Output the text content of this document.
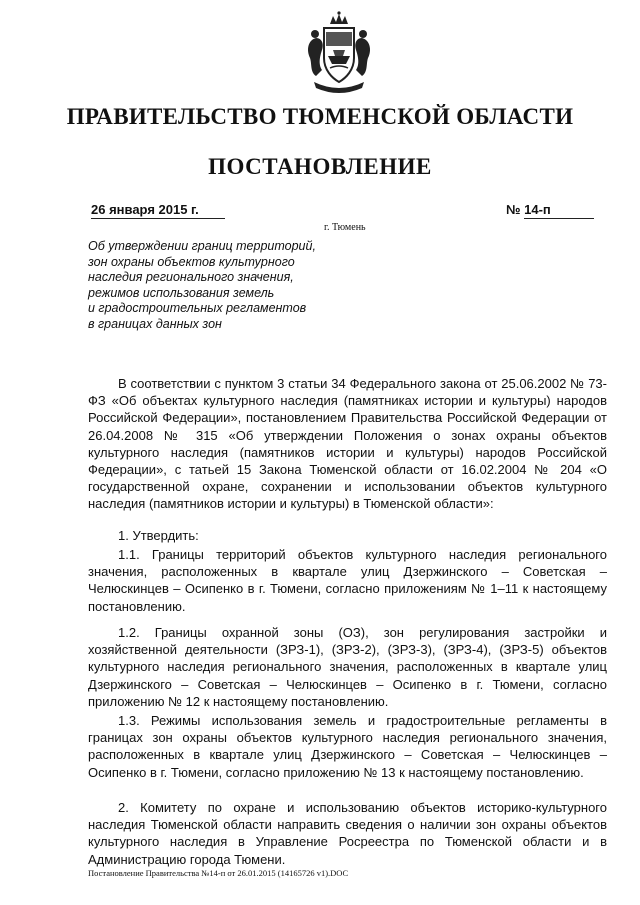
ПРАВИТЕЛЬСТВО ТЮМЕНСКОЙ ОБЛАСТИ
ПОСТАНОВЛЕНИЕ
26 января 2015 г.	№ 14-п
г. Тюмень
Об утверждении границ территорий,
зон охраны объектов культурного
наследия регионального значения,
режимов использования земель
и градостроительных регламентов
в границах данных зон

В соответствии с пунктом 3 статьи 34 Федерального закона от 25.06.2002 № 73-ФЗ «Об объектах культурного наследия (памятниках истории и культуры) народов Российской Федерации», постановлением Правительства Российской Федерации от 26.04.2008 № 315 «Об утверждении Положения о зонах охраны объектов культурного наследия (памятников истории и культуры) народов Российской Федерации», с татьей 15 Закона Тюменской области от 16.02.2004 № 204 «О государственной охране, сохранении и использовании объектов культурного наследия (памятников истории и культуры) в Тюменской области»:

1. Утвердить:

1.1. Границы территорий объектов культурного наследия регионального значения, расположенных в квартале улиц Дзержинского – Советская – Челюскинцев – Осипенко в г. Тюмени, согласно приложениям № 1–11 к настоящему постановлению.

1.2. Границы охранной зоны (ОЗ), зон регулирования застройки и хозяйственной деятельности (ЗРЗ-1), (ЗРЗ-2), (ЗРЗ-3), (ЗРЗ-4), (ЗРЗ-5) объектов культурного наследия регионального значения, расположенных в квартале улиц Дзержинского – Советская – Челюскинцев – Осипенко в г. Тюмени, согласно приложению № 12 к настоящему постановлению.

1.3. Режимы использования земель и градостроительные регламенты в границах зон охраны объектов культурного наследия регионального значения, расположенных в квартале улиц Дзержинского – Советская – Челюскинцев – Осипенко в г. Тюмени, согласно приложению № 13 к настоящему постановлению.

2. Комитету по охране и использованию объектов историко-культурного наследия Тюменской области направить сведения о наличии зон охраны объектов культурного наследия в Управление Росреестра по Тюменской области и в Администрацию города Тюмени.

Постановление Правительства №14-п от 26.01.2015 (14165726 v1).DOC
